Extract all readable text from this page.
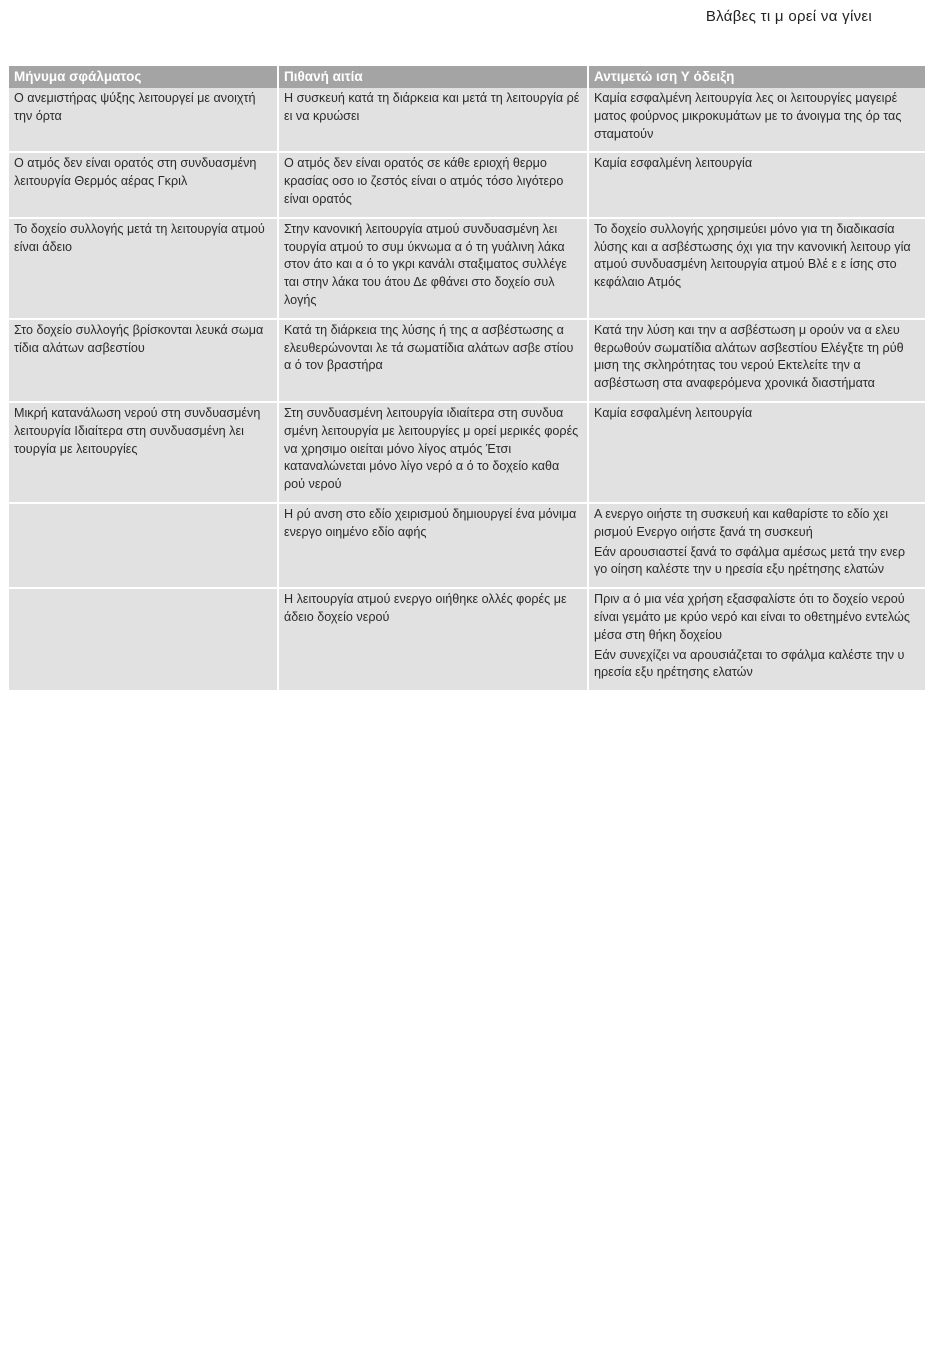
Βλάβες τι μ ορεί να γίνει
Μήνυμα σφάλματος	Πιθανή αιτία	Αντιμετώ ιση Υ όδειξη
Ο ανεμιστήρας ψύξης λειτουργεί με ανοιχτή την όρτα	Η συσκευή κατά τη διάρκεια και μετά τη λειτουργία ρέ ει να κρυώσει	Καμία εσφαλμένη λειτουργία λες οι λειτουργίες μαγειρέ ματος φούρνος μικροκυμάτων με το άνοιγμα της όρ τας σταματούν

Ο ατμός δεν είναι ορατός στη συνδυασμένη λειτουργία Θερμός αέρας Γκριλ	Ο ατμός δεν είναι ορατός σε κάθε εριοχή θερμο κρασίας οσο ιο ζεστός είναι ο ατμός τόσο λιγότερο είναι ορατός	Καμία εσφαλμένη λειτουργία

Το δοχείο συλλογής μετά τη λειτουργία ατμού είναι άδειο	Στην κανονική λειτουργία ατμού συνδυασμένη λει τουργία ατμού το συμ ύκνωμα α ό τη γυάλινη λάκα στον άτο και α ό το γκρι κανάλι σταξιματος συλλέγε ται στην λάκα του άτου Δε φθάνει στο δοχείο συλ λογής	Το δοχείο συλλογής χρησιμεύει μόνο για τη διαδικασία λύσης και α ασβέστωσης όχι για την κανονική λειτουρ γία ατμού συνδυασμένη λειτουργία ατμού Βλέ ε ε ίσης στο κεφάλαιο Ατμός

Στο δοχείο συλλογής βρίσκονται λευκά σωμα τίδια αλάτων ασβεστίου	Κατά τη διάρκεια της λύσης ή της α ασβέστωσης α ελευθερώνονται λε τά σωματίδια αλάτων ασβε στίου α ό τον βραστήρα	Κατά την λύση και την α ασβέστωση μ ορούν να α ελευ θερωθούν σωματίδια αλάτων ασβεστίου Ελέγξτε τη ρύθ μιση της σκληρότητας του νερού Εκτελείτε την α ασβέστωση στα αναφερόμενα χρονικά διαστήματα

Μικρή κατανάλωση νερού στη συνδυασμένη λειτουργία Ιδιαίτερα στη συνδυασμένη λει τουργία με λειτουργίες	Στη συνδυασμένη λειτουργία ιδιαίτερα στη συνδυα σμένη λειτουργία με λειτουργίες μ ορεί μερικές φορές να χρησιμο οιείται μόνο λίγος ατμός Έτσι καταναλώνεται μόνο λίγο νερό α ό το δοχείο καθα ρού νερού	Καμία εσφαλμένη λειτουργία

	Η ρύ ανση στο εδίο χειρισμού δημιουργεί ένα μόνιμα ενεργο οιημένο εδίο αφής	Α ενεργο οιήστε τη συσκευή και καθαρίστε το εδίο χει ρισμού Ενεργο οιήστε ξανά τη συσκευή
Εάν αρουσιαστεί ξανά το σφάλμα αμέσως μετά την ενερ γο οίηση καλέστε την υ ηρεσία εξυ ηρέτησης ελατών

	Η λειτουργία ατμού ενεργο οιήθηκε ολλές φορές με άδειο δοχείο νερού	Πριν α ό μια νέα χρήση εξασφαλίστε ότι το δοχείο νερού είναι γεμάτο με κρύο νερό και είναι το οθετημένο εντελώς μέσα στη θήκη δοχείου
Εάν συνεχίζει να αρουσιάζεται το σφάλμα καλέστε την υ ηρεσία εξυ ηρέτησης ελατών
